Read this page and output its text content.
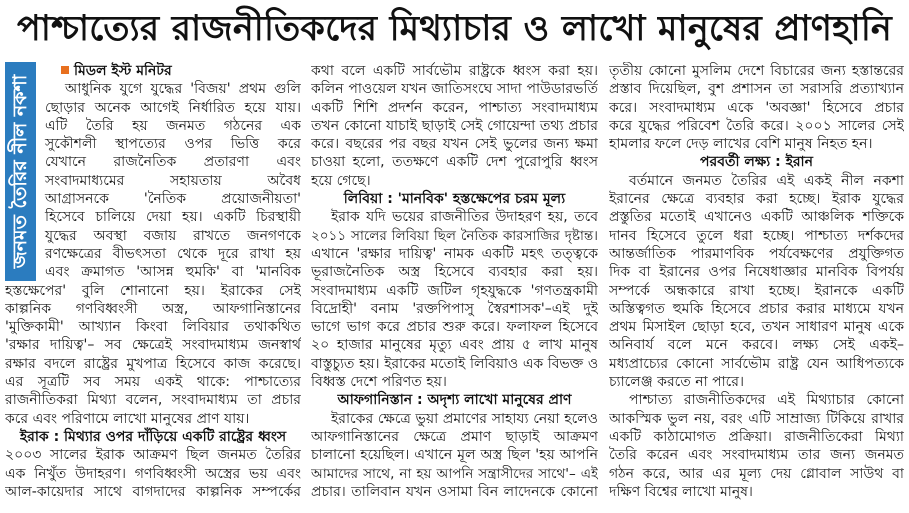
পাশ্চাত্যের রাজনীতিকদের মিথ্যাচার ও লাখো মানুষের প্রাণহানি
জনমত তৈরির নীল নকশা
মিডল ইস্ট মনিটর
আধুনিক যুগে যুদ্ধের 'বিজয়' প্রথম গুলি
ছোড়ার অনেক আগেই নির্ধারিত হয়ে যায়।
এটি তৈরি হয় জনমত গঠনের এক
সুকৌশলী স্থাপত্যের ওপর ভিত্তি করে
যেখানে রাজনৈতিক প্রতারণা এবং
সংবাদমাধ্যমের সহায়তায় অবৈধ
আগ্রাসনকে 'নৈতিক প্রয়োজনীয়তা'
হিসেবে চালিয়ে দেয়া হয়। একটি চিরস্থায়ী
যুদ্ধের অবস্থা বজায় রাখতে জনগণকে
রণক্ষেত্রের বীভৎসতা থেকে দূরে রাখা হয়
এবং ক্রমাগত 'আসন্ন হুমকি' বা 'মানবিক
হস্তক্ষেপের' বুলি শোনানো হয়। ইরাকের সেই
কাল্পনিক গণবিধ্বংসী অস্ত্র, আফগানিস্তানের
'মুক্তিকামী' আখ্যান কিংবা লিবিয়ার তথাকথিত
'রক্ষার দায়িত্ব'– সব ক্ষেত্রেই সংবাদমাধ্যম জনস্বার্থ
রক্ষার বদলে রাষ্ট্রের মুখপাত্র হিসেবে কাজ করেছে।
এর সূত্রটি সব সময় একই থাকে: পাশ্চাত্যের
রাজনীতিকরা মিথ্যা বলেন, সংবাদমাধ্যম তা প্রচার
করে এবং পরিণামে লাখো মানুষের প্রাণ যায়।
ইরাক : মিথ্যার ওপর দাঁড়িয়ে একটি রাষ্ট্রের ধ্বংস
২০০৩ সালের ইরাক আক্রমণ ছিল জনমত তৈরির
এক নিখুঁত উদাহরণ। গণবিধ্বংসী অস্ত্রের ভয় এবং
আল-কায়েদার সাথে বাগদাদের কাল্পনিক সম্পর্কের
কথা বলে একটি সার্বভৌম রাষ্ট্রকে ধ্বংস করা হয়।
কলিন পাওয়েল যখন জাতিসংঘে সাদা পাউডারভর্তি
একটি শিশি প্রদর্শন করেন, পাশ্চাত্য সংবাদমাধ্যম
তখন কোনো যাচাই ছাড়াই সেই গোয়েন্দা তথ্য প্রচার
করে। বছরের পর বছর যখন সেই ভুলের জন্য ক্ষমা
চাওয়া হলো, ততক্ষণে একটি দেশ পুরোপুরি ধ্বংস
হয়ে গেছে।
লিবিয়া : 'মানবিক' হস্তক্ষেপের চরম মূল্য
ইরাক যদি ভয়ের রাজনীতির উদাহরণ হয়, তবে
২০১১ সালের লিবিয়া ছিল নৈতিক কারসাজির দৃষ্টান্ত।
এখানে 'রক্ষার দায়িত্ব' নামক একটি মহৎ তত্ত্বকে
ভূরাজনৈতিক অস্ত্র হিসেবে ব্যবহার করা হয়।
সংবাদমাধ্যম একটি জটিল গৃহযুদ্ধকে 'গণতন্ত্রকামী
বিদ্রোহী' বনাম 'রক্তপিপাসু স্বৈরশাসক'–এই দুই
ভাগে ভাগ করে প্রচার শুরু করে। ফলাফল হিসেবে
২০ হাজার মানুষের মৃত্যু এবং প্রায় ৫ লাখ মানুষ
বাস্তুচ্যুত হয়। ইরাকের মতোই লিবিয়াও এক বিভক্ত ও
বিধ্বস্ত দেশে পরিণত হয়।
আফগানিস্তান : অদৃশ্য লাখো মানুষের প্রাণ
ইরাকের ক্ষেত্রে ভুয়া প্রমাণের সাহায্য নেয়া হলেও
আফগানিস্তানের ক্ষেত্রে প্রমাণ ছাড়াই আক্রমণ
চালানো হয়েছিল। এখানে মূল অস্ত্র ছিল 'হয় আপনি
আমাদের সাথে, না হয় আপনি সন্ত্রাসীদের সাথে'– এই
প্রচার। তালিবান যখন ওসামা বিন লাদেনকে কোনো
তৃতীয় কোনো মুসলিম দেশে বিচারের জন্য হস্তান্তরের
প্রস্তাব দিয়েছিল, বুশ প্রশাসন তা সরাসরি প্রত্যাখ্যান
করে। সংবাদমাধ্যম একে 'অবজ্ঞা' হিসেবে প্রচার
করে যুদ্ধের পরিবেশ তৈরি করে। ২০০১ সালের সেই
হামলার ফলে দেড় লাখের বেশি মানুষ নিহত হন।
পরবর্তী লক্ষ্য : ইরান
বর্তমানে জনমত তৈরির এই একই নীল নকশা
ইরানের ক্ষেত্রে ব্যবহার করা হচ্ছে। ইরাক যুদ্ধের
প্রস্তুতির মতোই এখানেও একটি আঞ্চলিক শক্তিকে
দানব হিসেবে তুলে ধরা হচ্ছে। পাশ্চাত্য দর্শকদের
আন্তর্জাতিক পারমাণবিক পর্যবেক্ষণের প্রযুক্তিগত
দিক বা ইরানের ওপর নিষেধাজ্ঞার মানবিক বিপর্যয়
সম্পর্কে অন্ধকারে রাখা হচ্ছে। ইরানকে একটি
অস্তিত্বগত হুমকি হিসেবে প্রচার করার মাধ্যমে যখন
প্রথম মিসাইল ছোড়া হবে, তখন সাধারণ মানুষ একে
অনিবার্য বলে মনে করবে। লক্ষ্য সেই একই–
মধ্যপ্রাচ্যের কোনো সার্বভৌম রাষ্ট্র যেন আধিপত্যকে
চ্যালেঞ্জ করতে না পারে।
পাশ্চাত্য রাজনীতিকদের এই মিথ্যাচার কোনো
আকস্মিক ভুল নয়, বরং এটি সাম্রাজ্য টিকিয়ে রাখার
একটি কাঠামোগত প্রক্রিয়া। রাজনীতিকেরা মিথ্যা
তৈরি করেন এবং সংবাদমাধ্যম তার জন্য জনমত
গঠন করে, আর এর মূল্য দেয় গ্লোবাল সাউথ বা
দক্ষিণ বিশ্বের লাখো মানুষ।
